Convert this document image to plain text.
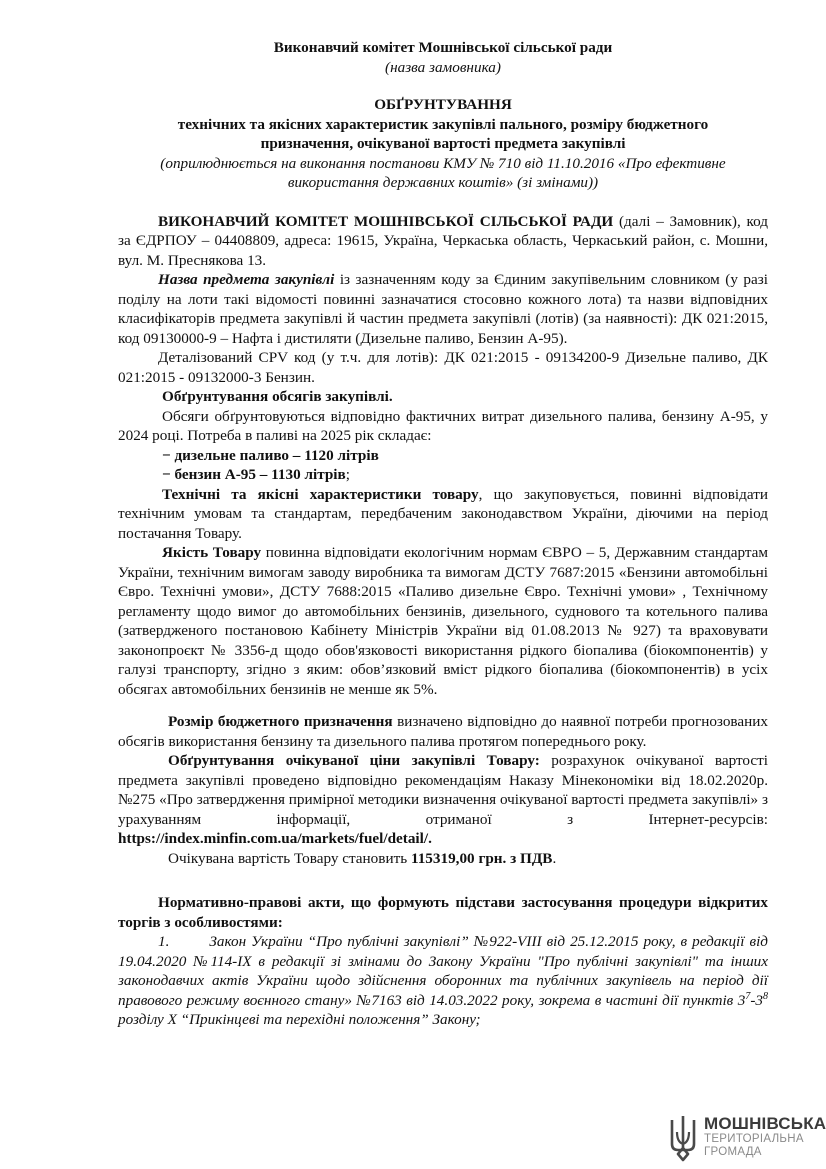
Виконавчий комітет Мошнівської сільської ради

(назва замовника)

ОБҐРУНТУВАННЯ

технічних та якісних характеристик закупівлі пального, розміру бюджетного

призначення, очікуваної вартості предмета закупівлі

(оприлюднюється на виконання постанови КМУ № 710 від 11.10.2016 «Про ефективне

використання державних коштів» (зі змінами))

ВИКОНАВЧИЙ КОМІТЕТ МОШНІВСЬКОЇ СІЛЬСЬКОЇ РАДИ (далі – Замовник), код за ЄДРПОУ – 04408809, адреса: 19615, Україна, Черкаська область, Черкаський район, с. Мошни, вул. М. Преснякова 13.

Назва предмета закупівлі із зазначенням коду за Єдиним закупівельним словником (у разі поділу на лоти такі відомості повинні зазначатися стосовно кожного лота) та назви відповідних класифікаторів предмета закупівлі й частин предмета закупівлі (лотів) (за наявності): ДК 021:2015, код 09130000-9 – Нафта і дистиляти (Дизельне паливо, Бензин А-95).

Деталізований CPV код (у т.ч. для лотів): ДК 021:2015 - 09134200-9 Дизельне паливо, ДК 021:2015 - 09132000-3 Бензин.

Обґрунтування обсягів закупівлі.

Обсяги обґрунтовуються відповідно фактичних витрат дизельного палива, бензину А-95, у 2024 році. Потреба в паливі на 2025 рік складає:

− дизельне паливо – 1120 літрів

− бензин А-95 – 1130 літрів;

Технічні та якісні характеристики товару, що закуповується, повинні відповідати технічним умовам та стандартам, передбаченим законодавством України, діючими на період постачання Товару.

Якість Товару повинна відповідати екологічним нормам ЄВРО – 5, Державним стандартам України, технічним вимогам заводу виробника та вимогам ДСТУ 7687:2015 «Бензини автомобільні Євро. Технічні умови», ДСТУ 7688:2015 «Паливо дизельне Євро. Технічні умови» , Технічному регламенту щодо вимог до автомобільних бензинів, дизельного, суднового та котельного палива (затвердженого постановою Кабінету Міністрів України від 01.08.2013 № 927) та враховувати законопроєкт № 3356-д щодо обов'язковості використання рідкого біопалива (біокомпонентів) у галузі транспорту, згідно з яким: обов’язковий вміст рідкого біопалива (біокомпонентів) в усіх обсягах автомобільних бензинів не менше як 5%.

Розмір бюджетного призначення визначено відповідно до наявної потреби прогнозованих обсягів використання бензину та дизельного палива протягом попереднього року.

Обґрунтування очікуваної ціни закупівлі Товару: розрахунок очікуваної вартості предмета закупівлі проведено відповідно рекомендаціям Наказу Мінекономіки від 18.02.2020р. №275 «Про затвердження примірної методики визначення очікуваної вартості предмета закупівлі» з урахуванням інформації, отриманої з Інтернет-ресурсів: https://index.minfin.com.ua/markets/fuel/detail/.

Очікувана вартість Товару становить 115319,00 грн. з ПДВ.

Нормативно-правові акти, що формують підстави застосування процедури відкритих торгів з особливостями:

1.	Закон України “Про публічні закупівлі” №922-VIII від 25.12.2015 року, в редакції від 19.04.2020 №114-IX в редакції зі змінами до Закону України "Про публічні закупівлі" та інших законодавчих актів України щодо здійснення оборонних та публічних закупівель на період дії правового режиму воєнного стану» №7163 від 14.03.2022 року, зокрема в частині дії пунктів $3^7-3^8$ розділу X “Прикінцеві та перехідні положення” Закону;

МОШНІВСЬКА
ТЕРИТОРІАЛЬНА
ГРОМАДА
